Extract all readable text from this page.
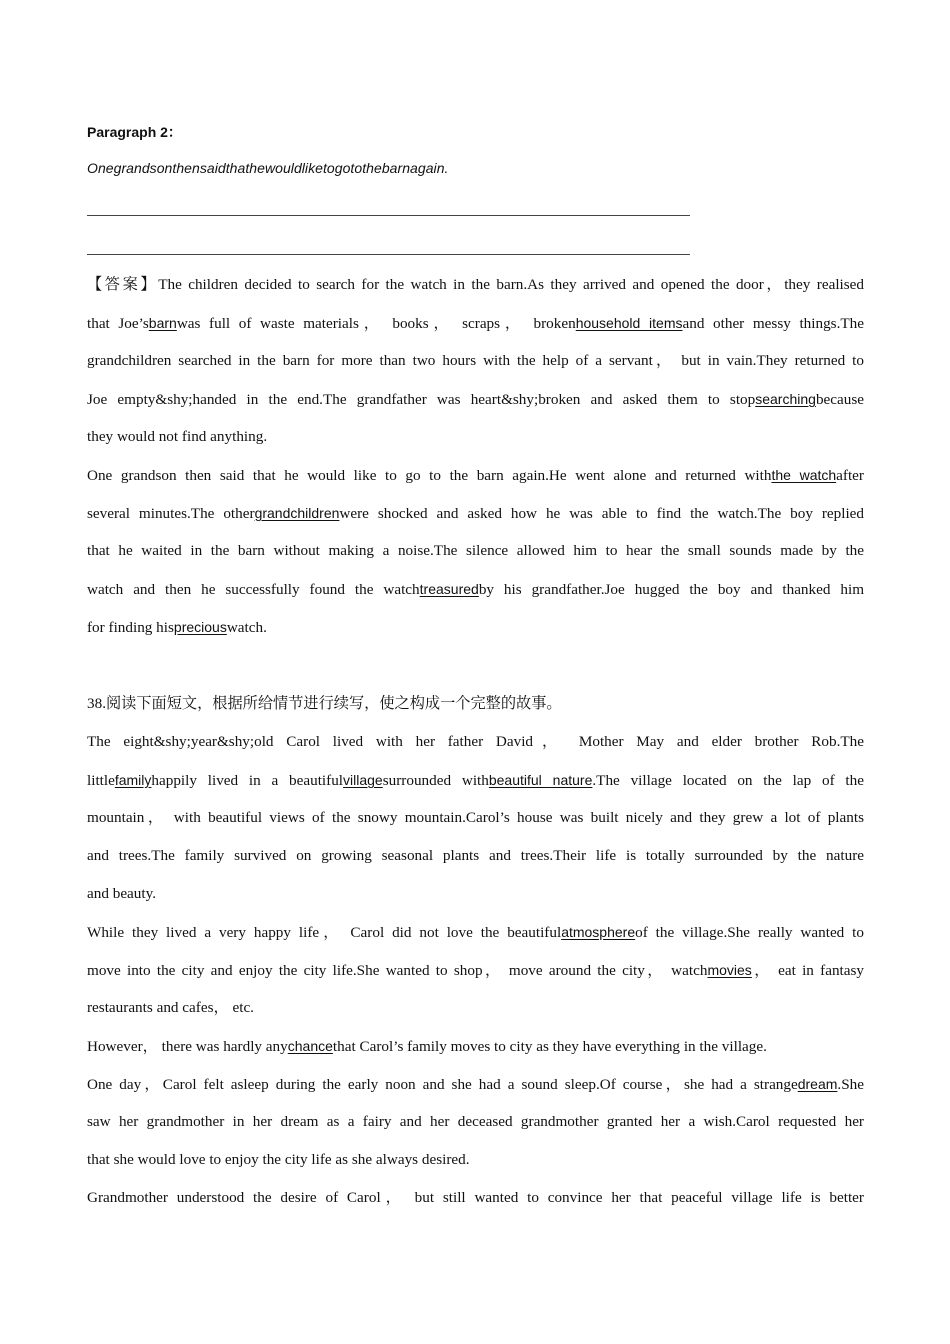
Paragraph 2：
Onegrandsonthensaidthathewouldliketogotothebarnagain.
【答案】The children decided to search for the watch in the barn.As they arrived and opened the door，they realised
that Joe’sbarnwas full of waste materials， books， scraps， brokenhousehold itemsand other messy things.The
grandchildren searched in the barn for more than two hours with the help of a servant， but in vain.They returned to
Joe empty&shy;handed in the end.The grandfather was heart&shy;broken and asked them to stopsearchingbecause
they would not find anything.
One grandson then said that he would like to go to the barn again.He went alone and returned withthe watchafter
several minutes.The othergrandchildrenwere shocked and asked how he was able to find the watch.The boy replied
that he waited in the barn without making a noise.The silence allowed him to hear the small sounds made by the
watch and then he successfully found the watchtreasuredby his grandfather.Joe hugged the boy and thanked him
for finding hispreciouswatch.
38.阅读下面短文，根据所给情节进行续写，使之构成一个完整的故事。
The eight&shy;year&shy;old Carol lived with her father David， Mother May and elder brother Rob.The
littlefamilyhappily lived in a beautifulvillagesurrounded withbeautiful nature.The village located on the lap of the
mountain， with beautiful views of the snowy mountain.Carol’s house was built nicely and they grew a lot of plants
and trees.The family survived on growing seasonal plants and trees.Their life is totally surrounded by the nature
and beauty.
While they lived a very happy life， Carol did not love the beautifulatmosphereof the village.She really wanted to
move into the city and enjoy the city life.She wanted to shop， move around the city， watchmovies， eat in fantasy
restaurants and cafes， etc.
However， there was hardly anychancethat Carol’s family moves to city as they have everything in the village.
One day，Carol felt asleep during the early noon and she had a sound sleep.Of course，she had a strangedream.She
saw her grandmother in her dream as a fairy and her deceased grandmother granted her a wish.Carol requested her
that she would love to enjoy the city life as she always desired.
Grandmother understood the desire of Carol， but still wanted to convince her that peaceful village life is better
